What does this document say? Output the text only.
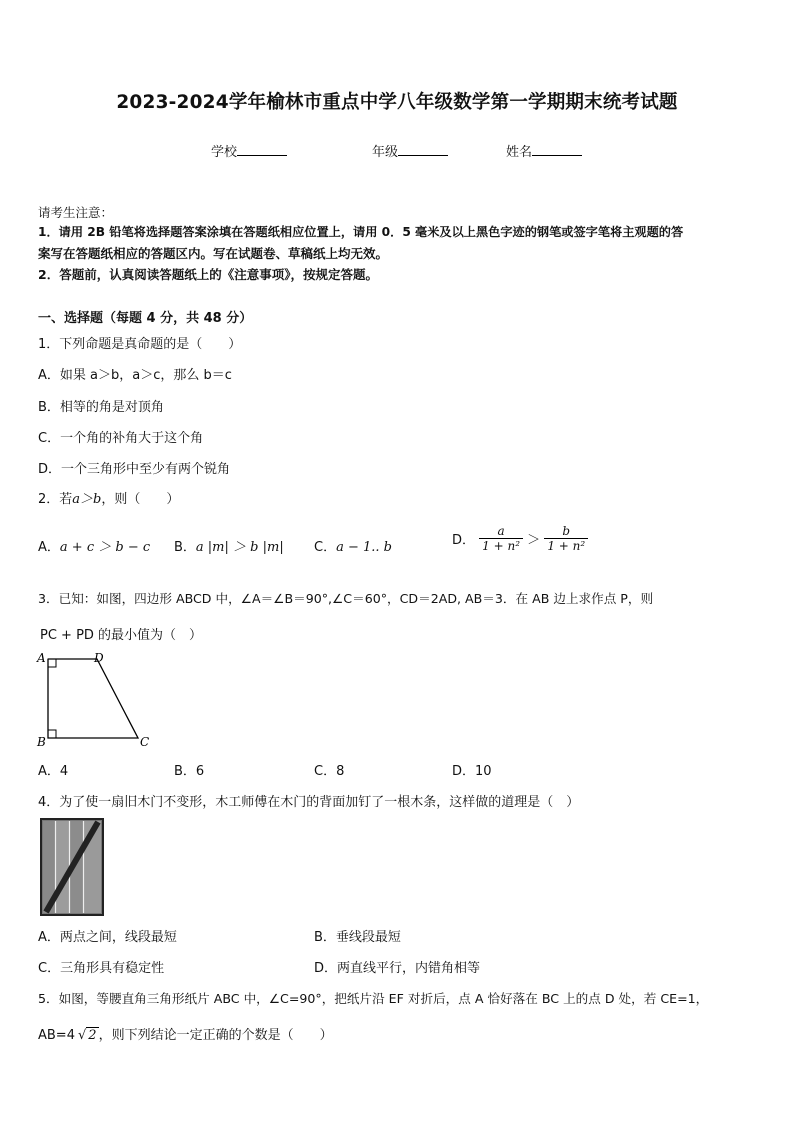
2023-2024学年榆林市重点中学八年级数学第一学期期末统考试题
学校	年级	姓名
请考生注意：
1．请用 2B 铅笔将选择题答案涂填在答题纸相应位置上，请用 0．5 毫米及以上黑色字迹的钢笔或签字笔将主观题的答
案写在答题纸相应的答题区内。写在试题卷、草稿纸上均无效。
2．答题前，认真阅读答题纸上的《注意事项》，按规定答题。
一、选择题（每题 4 分，共 48 分）
1．下列命题是真命题的是（　　）
A．如果 a＞b，a＞c，那么 b＝c
B．相等的角是对顶角
C．一个角的补角大于这个角
D．一个三角形中至少有两个锐角
2．若a＞b，则（　　）
A．a + c ＞ b − c B．a |m| ＞ b |m| C．a − 1.. b	D． $\frac{a}{\text{1 + n²}} > \frac{b}{\text{1 + n²}}$
3．已知：如图，四边形 ABCD 中，∠A＝∠B＝90°,∠C＝60°，CD＝2AD, AB＝3．在 AB 边上求作点 P，则
PC + PD 的最小值为（　）
A	D
B	C
A．4	B．6	C．8	D．10
4．为了使一扇旧木门不变形，木工师傅在木门的背面加钉了一根木条，这样做的道理是（　）
A．两点之间，线段最短	B．垂线段最短
C．三角形具有稳定性	D．两直线平行，内错角相等
5．如图，等腰直角三角形纸片 ABC 中，∠C=90°，把纸片沿 EF 对折后，点 A 恰好落在 BC 上的点 D 处，若 CE=1，
AB=4 √ 2 ，则下列结论一定正确的个数是（　　）
